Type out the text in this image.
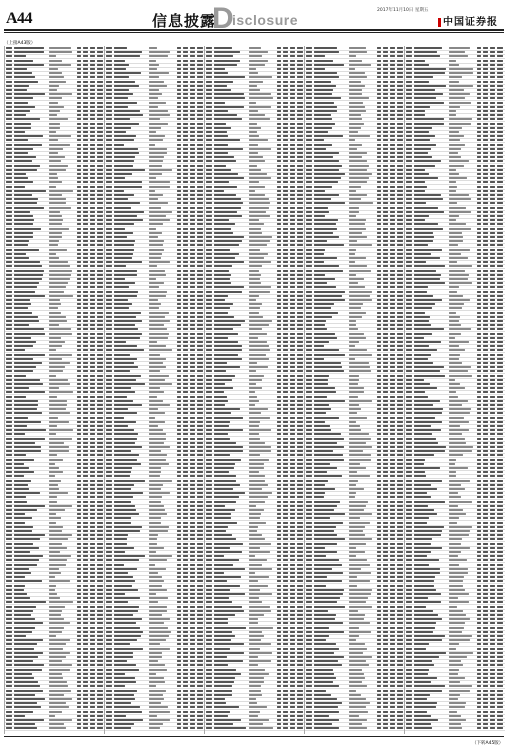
A44	信息披露
D
isclosure
2017年11月10日 星期五
中国证券报
（上接A43版）
（下转A45版）
